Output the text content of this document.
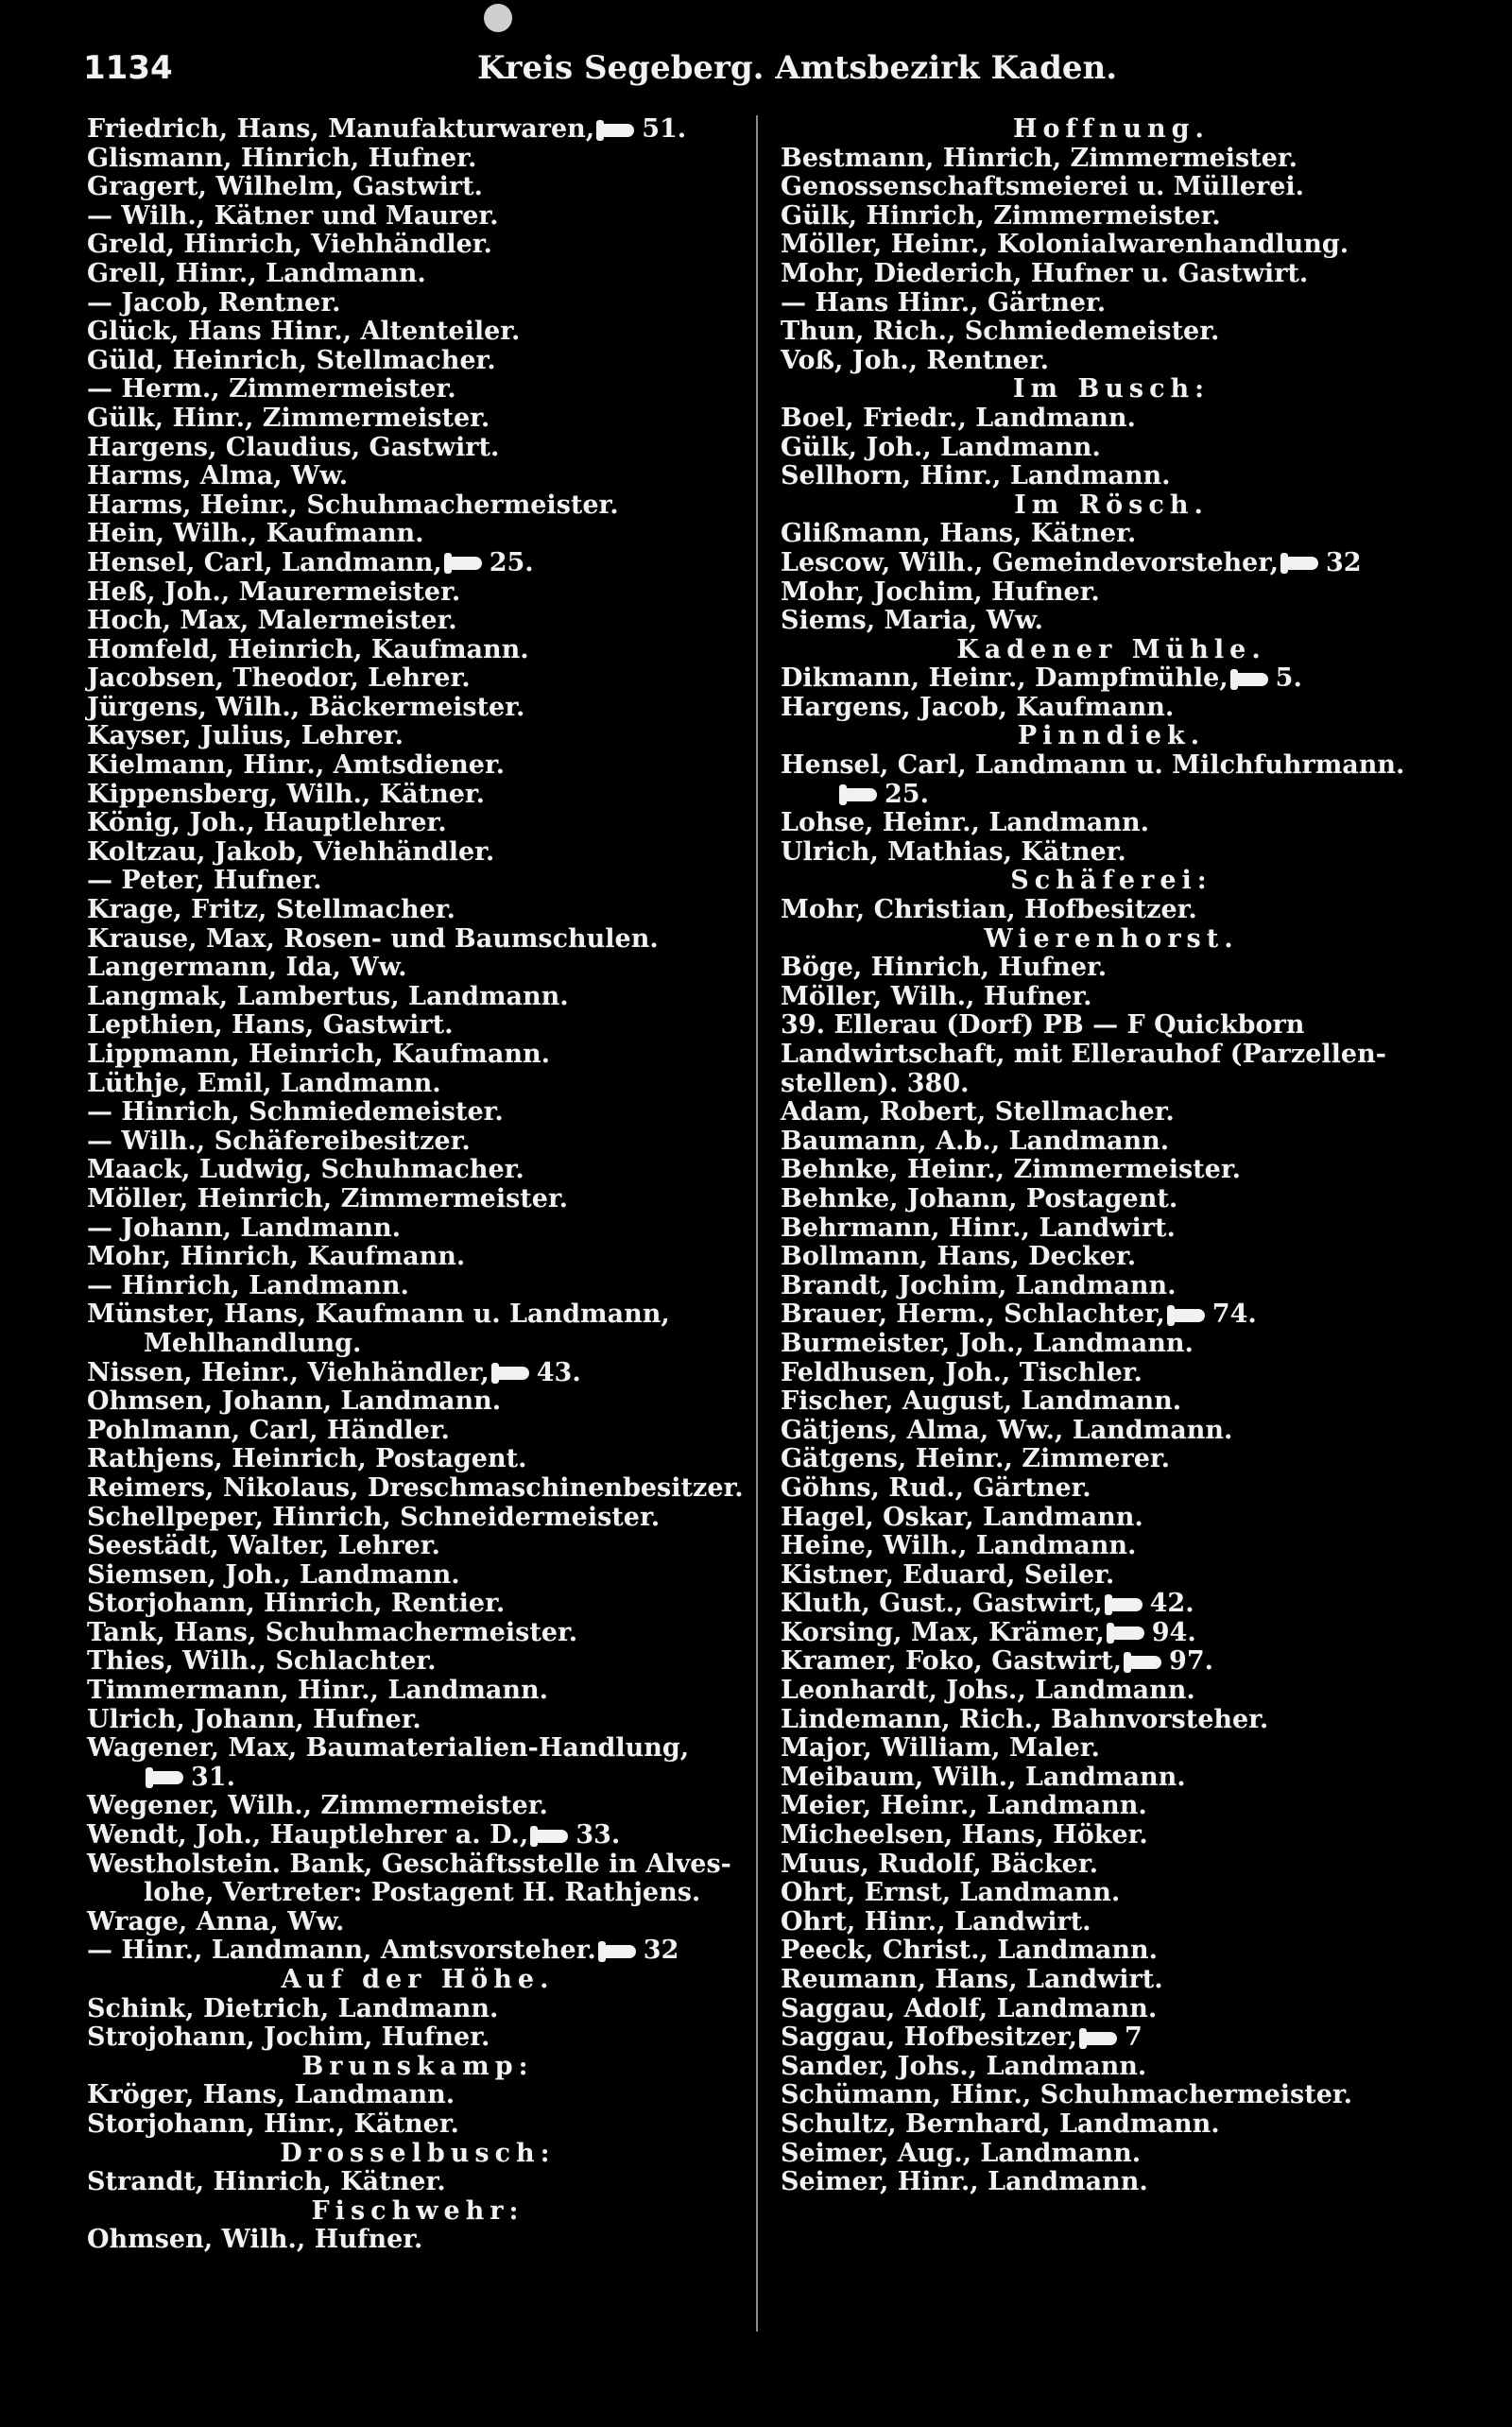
1134	Kreis Segeberg. Amtsbezirk Kaden.
Friedrich, Hans, Manufakturwaren, 51.
Glismann, Hinrich, Hufner.
Gragert, Wilhelm, Gastwirt.
— Wilh., Kätner und Maurer.
Greld, Hinrich, Viehhändler.
Grell, Hinr., Landmann.
— Jacob, Rentner.
Glück, Hans Hinr., Altenteiler.
Güld, Heinrich, Stellmacher.
— Herm., Zimmermeister.
Gülk, Hinr., Zimmermeister.
Hargens, Claudius, Gastwirt.
Harms, Alma, Ww.
Harms, Heinr., Schuhmachermeister.
Hein, Wilh., Kaufmann.
Hensel, Carl, Landmann, 25.
Heß, Joh., Maurermeister.
Hoch, Max, Malermeister.
Homfeld, Heinrich, Kaufmann.
Jacobsen, Theodor, Lehrer.
Jürgens, Wilh., Bäckermeister.
Kayser, Julius, Lehrer.
Kielmann, Hinr., Amtsdiener.
Kippensberg, Wilh., Kätner.
König, Joh., Hauptlehrer.
Koltzau, Jakob, Viehhändler.
— Peter, Hufner.
Krage, Fritz, Stellmacher.
Krause, Max, Rosen- und Baumschulen.
Langermann, Ida, Ww.
Langmak, Lambertus, Landmann.
Lepthien, Hans, Gastwirt.
Lippmann, Heinrich, Kaufmann.
Lüthje, Emil, Landmann.
— Hinrich, Schmiedemeister.
— Wilh., Schäfereibesitzer.
Maack, Ludwig, Schuhmacher.
Möller, Heinrich, Zimmermeister.
— Johann, Landmann.
Mohr, Hinrich, Kaufmann.
— Hinrich, Landmann.
Münster, Hans, Kaufmann u. Landmann,
Mehlhandlung.
Nissen, Heinr., Viehhändler, 43.
Ohmsen, Johann, Landmann.
Pohlmann, Carl, Händler.
Rathjens, Heinrich, Postagent.
Reimers, Nikolaus, Dreschmaschinenbesitzer.
Schellpeper, Hinrich, Schneidermeister.
Seestädt, Walter, Lehrer.
Siemsen, Joh., Landmann.
Storjohann, Hinrich, Rentier.
Tank, Hans, Schuhmachermeister.
Thies, Wilh., Schlachter.
Timmermann, Hinr., Landmann.
Ulrich, Johann, Hufner.
Wagener, Max, Baumaterialien-Handlung,
31.
Wegener, Wilh., Zimmermeister.
Wendt, Joh., Hauptlehrer a. D., 33.
Westholstein. Bank, Geschäftsstelle in Alves-
lohe, Vertreter: Postagent H. Rathjens.
Wrage, Anna, Ww.
— Hinr., Landmann, Amtsvorsteher. 32
Auf der Höhe.
Schink, Dietrich, Landmann.
Strojohann, Jochim, Hufner.
Brunskamp:
Kröger, Hans, Landmann.
Storjohann, Hinr., Kätner.
Drosselbusch:
Strandt, Hinrich, Kätner.
Fischwehr:
Ohmsen, Wilh., Hufner.
Hoffnung.
Bestmann, Hinrich, Zimmermeister.
Genossenschaftsmeierei u. Müllerei.
Gülk, Hinrich, Zimmermeister.
Möller, Heinr., Kolonialwarenhandlung.
Mohr, Diederich, Hufner u. Gastwirt.
— Hans Hinr., Gärtner.
Thun, Rich., Schmiedemeister.
Voß, Joh., Rentner.
Im Busch:
Boel, Friedr., Landmann.
Gülk, Joh., Landmann.
Sellhorn, Hinr., Landmann.
Im Rösch.
Glißmann, Hans, Kätner.
Lescow, Wilh., Gemeindevorsteher, 32
Mohr, Jochim, Hufner.
Siems, Maria, Ww.
Kadener Mühle.
Dikmann, Heinr., Dampfmühle, 5.
Hargens, Jacob, Kaufmann.
Pinndiek.
Hensel, Carl, Landmann u. Milchfuhrmann.
25.
Lohse, Heinr., Landmann.
Ulrich, Mathias, Kätner.
Schäferei:
Mohr, Christian, Hofbesitzer.
Wierenhorst.
Böge, Hinrich, Hufner.
Möller, Wilh., Hufner.
39. Ellerau (Dorf) PB — F Quickborn
Landwirtschaft, mit Ellerauhof (Parzellen-
stellen). 380.
Adam, Robert, Stellmacher.
Baumann, A.b., Landmann.
Behnke, Heinr., Zimmermeister.
Behnke, Johann, Postagent.
Behrmann, Hinr., Landwirt.
Bollmann, Hans, Decker.
Brandt, Jochim, Landmann.
Brauer, Herm., Schlachter, 74.
Burmeister, Joh., Landmann.
Feldhusen, Joh., Tischler.
Fischer, August, Landmann.
Gätjens, Alma, Ww., Landmann.
Gätgens, Heinr., Zimmerer.
Göhns, Rud., Gärtner.
Hagel, Oskar, Landmann.
Heine, Wilh., Landmann.
Kistner, Eduard, Seiler.
Kluth, Gust., Gastwirt, 42.
Korsing, Max, Krämer, 94.
Kramer, Foko, Gastwirt, 97.
Leonhardt, Johs., Landmann.
Lindemann, Rich., Bahnvorsteher.
Major, William, Maler.
Meibaum, Wilh., Landmann.
Meier, Heinr., Landmann.
Micheelsen, Hans, Höker.
Muus, Rudolf, Bäcker.
Ohrt, Ernst, Landmann.
Ohrt, Hinr., Landwirt.
Peeck, Christ., Landmann.
Reumann, Hans, Landwirt.
Saggau, Adolf, Landmann.
Saggau, Hofbesitzer, 7
Sander, Johs., Landmann.
Schümann, Hinr., Schuhmachermeister.
Schultz, Bernhard, Landmann.
Seimer, Aug., Landmann.
Seimer, Hinr., Landmann.
